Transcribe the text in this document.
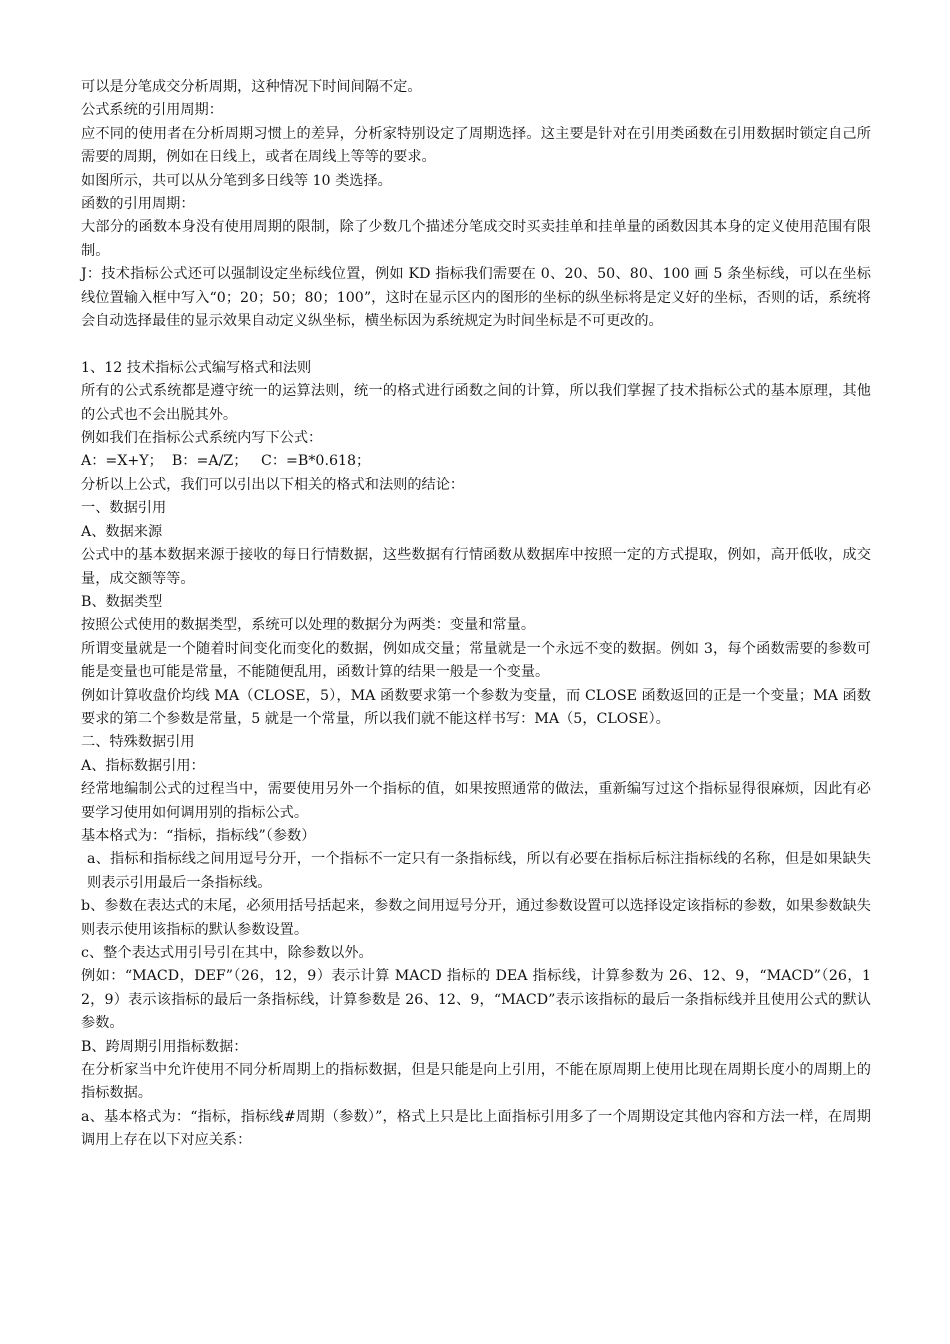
可以是分笔成交分析周期，这种情况下时间间隔不定。

公式系统的引用周期：

应不同的使用者在分析周期习惯上的差异，分析家特别设定了周期选择。这主要是针对在引用类函数在引用数据时锁定自己所需要的周期，例如在日线上，或者在周线上等等的要求。

如图所示，共可以从分笔到多日线等 10 类选择。

函数的引用周期：

大部分的函数本身没有使用周期的限制，除了少数几个描述分笔成交时买卖挂单和挂单量的函数因其本身的定义使用范围有限制。

J：技术指标公式还可以强制设定坐标线位置，例如 KD 指标我们需要在 0、20、50、80、100 画 5 条坐标线，可以在坐标线位置输入框中写入“0；20；50；80；100”，这时在显示区内的图形的坐标的纵坐标将是定义好的坐标，否则的话，系统将会自动选择最佳的显示效果自动定义纵坐标，横坐标因为系统规定为时间坐标是不可更改的。

1、12 技术指标公式编写格式和法则

所有的公式系统都是遵守统一的运算法则，统一的格式进行函数之间的计算，所以我们掌握了技术指标公式的基本原理，其他的公式也不会出脱其外。

例如我们在指标公式系统内写下公式：

A：=X+Y；  B：=A/Z；   C：=B*0.618；

分析以上公式，我们可以引出以下相关的格式和法则的结论：

一、数据引用

A、数据来源

公式中的基本数据来源于接收的每日行情数据，这些数据有行情函数从数据库中按照一定的方式提取，例如，高开低收，成交量，成交额等等。

B、数据类型

按照公式使用的数据类型，系统可以处理的数据分为两类：变量和常量。

所谓变量就是一个随着时间变化而变化的数据，例如成交量；常量就是一个永远不变的数据。例如 3，每个函数需要的参数可能是变量也可能是常量，不能随便乱用，函数计算的结果一般是一个变量。

例如计算收盘价均线 MA（CLOSE，5），MA 函数要求第一个参数为变量，而 CLOSE 函数返回的正是一个变量；MA 函数要求的第二个参数是常量，5 就是一个常量，所以我们就不能这样书写：MA（5，CLOSE）。

二、特殊数据引用

A、指标数据引用：

经常地编制公式的过程当中，需要使用另外一个指标的值，如果按照通常的做法，重新编写过这个指标显得很麻烦，因此有必要学习使用如何调用别的指标公式。

基本格式为：“指标，指标线”（参数）

a、指标和指标线之间用逗号分开，一个指标不一定只有一条指标线，所以有必要在指标后标注指标线的名称，但是如果缺失则表示引用最后一条指标线。

b、参数在表达式的末尾，必须用括号括起来，参数之间用逗号分开，通过参数设置可以选择设定该指标的参数，如果参数缺失则表示使用该指标的默认参数设置。

c、整个表达式用引号引在其中，除参数以外。

例如：“MACD，DEF”（26，12，9）表示计算 MACD 指标的 DEA 指标线，计算参数为 26、12、9，“MACD”（26，12，9）表示该指标的最后一条指标线，计算参数是 26、12、9，“MACD”表示该指标的最后一条指标线并且使用公式的默认参数。

B、跨周期引用指标数据：

在分析家当中允许使用不同分析周期上的指标数据，但是只能是向上引用，不能在原周期上使用比现在周期长度小的周期上的指标数据。

a、基本格式为：“指标，指标线#周期（参数）”，格式上只是比上面指标引用多了一个周期设定其他内容和方法一样，在周期调用上存在以下对应关系：
